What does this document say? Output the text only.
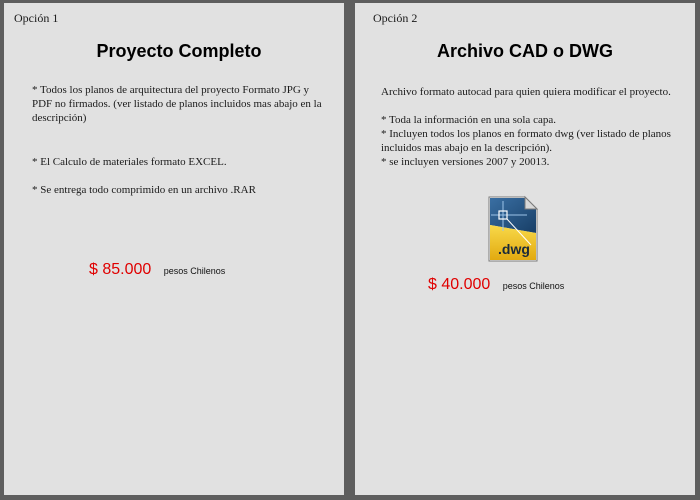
Opción 1
Proyecto Completo

* Todos los planos de arquitectura del proyecto Formato JPG y PDF no firmados. (ver listado de planos incluidos mas abajo en la descripción)

* El Calculo de materiales formato EXCEL.

* Se entrega todo comprimido en un archivo .RAR

$ 85.000 pesos Chilenos
Opción 2
Archivo CAD o DWG

Archivo formato autocad para quien quiera modificar el proyecto.

* Toda la información en una sola capa.

* Incluyen todos los planos en formato dwg (ver listado de planos incluidos mas abajo en la descripción).

* se incluyen versiones 2007 y 20013.

.dwg
$ 40.000 pesos Chilenos
